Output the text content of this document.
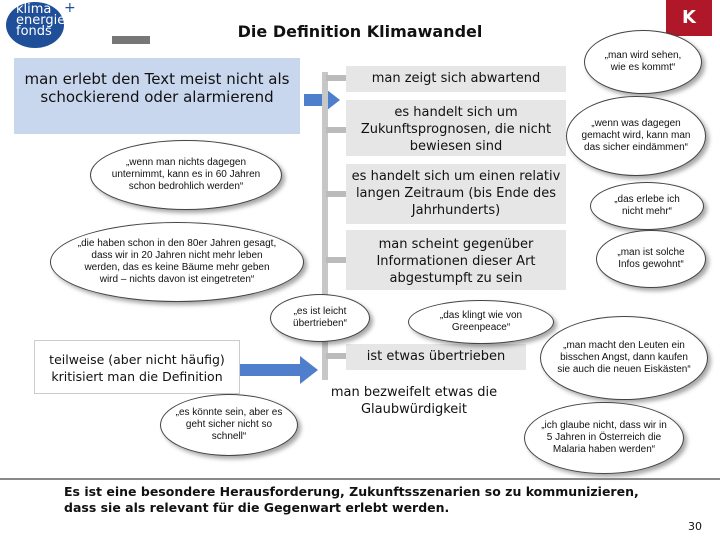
klima
energie
fonds
+
Die Definition Klimawandel
K
man erlebt den Text meist nicht als schockierend oder alarmierend
man zeigt sich abwartend
es handelt sich um Zukunftsprognosen, die nicht bewiesen sind
es handelt sich um einen relativ langen Zeitraum (bis Ende des Jahrhunderts)
man scheint gegenüber Informationen dieser Art abgestumpft zu sein
ist etwas übertrieben
man bezweifelt etwas die Glaubwürdigkeit
teilweise (aber nicht häufig) kritisiert man die Definition
„wenn man nichts dagegen unternimmt, kann es in 60 Jahren schon bedrohlich werden“
„die haben schon in den 80er Jahren gesagt, dass wir in 20 Jahren nicht mehr leben werden, das es keine Bäume mehr geben wird – nichts davon ist eingetreten“
„es ist leicht übertrieben“
„es könnte sein, aber es geht sicher nicht so schnell“
„das klingt wie von Greenpeace“
„man wird sehen, wie es kommt“
„wenn was dagegen gemacht wird, kann man das sicher eindämmen“
„das erlebe ich nicht mehr“
„man ist solche Infos gewohnt“
„man macht den Leuten ein bisschen Angst, dann kaufen sie auch die neuen Eiskästen“
„ich glaube nicht, dass wir in 5 Jahren in Österreich die Malaria haben werden“
Es ist eine besondere Herausforderung, Zukunftsszenarien so zu kommunizieren, dass sie als relevant für die Gegenwart erlebt werden.
30
